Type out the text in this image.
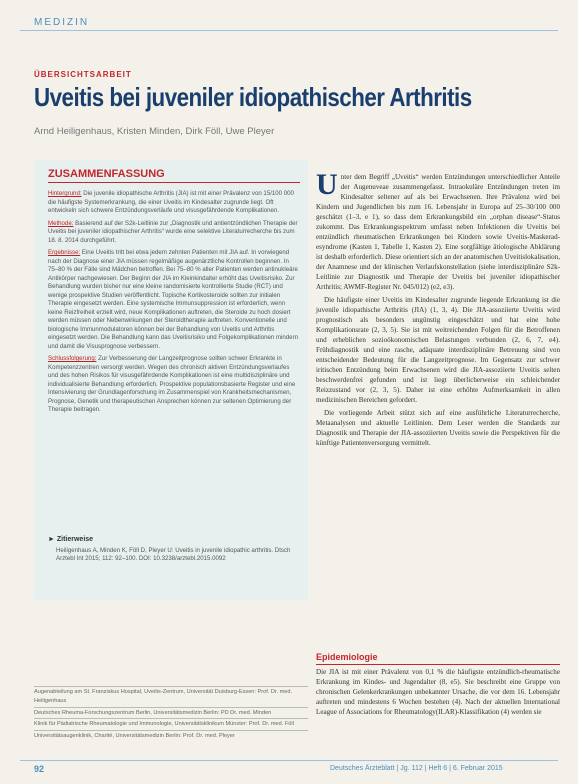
MEDIZIN
ÜBERSICHTSARBEIT
Uveitis bei juveniler idiopathischer Arthritis
Arnd Heiligenhaus, Kristen Minden, Dirk Föll, Uwe Pleyer
ZUSAMMENFASSUNG

Hintergrund: Die juvenile idiopathische Arthritis (JIA) ist mit einer Prävalenz von 15/100 000 die häufigste Systemerkrankung, die einer Uveitis im Kindesalter zugrunde liegt. Oft entwickeln sich schwere Entzündungsverläufe und visusgefährdende Komplikationen.

Methode: Basierend auf der S2k-Leitlinie zur „Diagnostik und antientzündlichen Therapie der Uveitis bei juveniler idiopathischer Arthritis“ wurde eine selektive Literaturrecherche bis zum 18. 8. 2014 durchgeführt.

Ergebnisse: Eine Uveitis tritt bei etwa jedem zehnten Patienten mit JIA auf. In vorwiegend nach der Diagnose einer JIA müssen regelmäßige augenärztliche Kontrollen beginnen. In 75–80 % der Fälle sind Mädchen betroffen. Bei 75–80 % aller Patienten werden antinukleäre Antikörper nachgewiesen. Der Beginn der JIA im Kleinkindalter erhöht das Uveitisrisiko. Zur Behandlung wurden bisher nur eine kleine randomisierte kontrollierte Studie (RCT) und wenige prospektive Studien veröffentlicht. Topische Kortikosteroide sollten zur initialen Therapie eingesetzt werden. Eine systemische Immunsuppression ist erforderlich, wenn keine Reizfreiheit erzielt wird, neue Komplikationen auftreten, die Steroide zu hoch dosiert werden müssen oder Nebenwirkungen der Steroidtherapie auftreten. Konventionelle und biologische Immunmodulatoren können bei der Behandlung von Uveitis und Arthritis eingesetzt werden. Die Behandlung kann das Uveitisrisiko und Folgekomplikationen mindern und damit die Visusprognose verbessern.

Schlussfolgerung: Zur Verbesserung der Langzeitprognose sollten schwer Erkrankte in Kompetenzzentren versorgt werden. Wegen des chronisch aktiven Entzündungsverlaufes und des hohen Risikos für visusgefährdende Komplikationen ist eine multidisziplinäre und individualisierte Behandlung erforderlich. Prospektive populationsbasierte Register und eine Intensivierung der Grundlagenforschung im Zusammenspiel von Krankheitsmechanismen, Prognose, Genetik und therapeutischen Ansprechen können zur seltenen Optimierung der Therapie beitragen.

► Zitierweise
Heiligenhaus A, Minden K, Föll D, Pleyer U: Uveitis in juvenile idiopathic arthritis. Dtsch Arztebl Int 2015; 112: 92–100. DOI: 10.3238/arztebl.2015.0092
Augenabteilung am St. Franziskus Hospital, Uveitis-Zentrum, Universität Duisburg-Essen: Prof. Dr. med. Heiligenhaus
Deutsches Rheuma-Forschungszentrum Berlin, Universitätsmedizin Berlin: PD Dr. med. Minden
Klinik für Pädiatrische Rheumatologie und Immunologie, Universitätsklinikum Münster: Prof. Dr. med. Föll
Universitätsaugenklinik, Charité, Universitätsmedizin Berlin: Prof. Dr. med. Pleyer

Unter dem Begriff „Uveitis“ werden Entzündungen unterschiedlicher Anteile der Augenuveae zusammengefasst. Intraokuläre Entzündungen treten im Kindesalter seltener auf als bei Erwachsenen. Ihre Prävalenz wird bei Kindern und Jugendlichen bis zum 16. Lebensjahr in Europa auf 25–30/100 000 geschätzt (1–3, e 1), so dass dem Erkrankungsbild ein „orphan disease“-Status zukommt. Das Erkrankungsspektrum umfasst neben Infektionen die Uveitis bei entzündlich rheumatischen Erkrankungen bei Kindern sowie Uveitis-Maskeradesyndrome (Kasten 1, Tabelle 1, Kasten 2). Eine sorgfältige ätiologische Abklärung ist deshalb erforderlich. Diese orientiert sich an der anatomischen Uveitislokalisation, der Anamnese und der klinischen Verlaufskonstellation (siehe interdisziplinäre S2k-Leitlinie zur Diagnostik und Therapie der Uveitis bei juveniler idiopathischer Arthritis; AWMF-Register Nr. 045/012) (e2, e3).

Die häufigste einer Uveitis im Kindesalter zugrunde liegende Erkrankung ist die juvenile idiopathische Arthritis (JIA) (1, 3, 4). Die JIA-assoziierte Uveitis wird prognostisch als besonders ungünstig eingeschätzt und hat eine hohe Komplikationsrate (2, 3, 5). Sie ist mit weitreichenden Folgen für die Betroffenen und erheblichen sozioökonomischen Belastungen verbunden (2, 6, 7, e4). Frühdiagnostik und eine rasche, adäquate interdisziplinäre Betreuung sind von entscheidender Bedeutung für die Langzeitprognose. Im Gegensatz zur schwer iritischen Entzündung beim Erwachsenen wird die JIA-assoziierte Uveitis selten beschwerdenfrei gefunden und ist liegt überlicherweise ein schleichender Reizzustand vor (2, 3, 5). Daher ist eine erhöhte Aufmerksamkeit in allen medizinischen Bereichen gefordert.

Die vorliegende Arbeit stützt sich auf eine ausführliche Literaturrecherche, Metaanalysen und aktuelle Leitlinien. Dem Leser werden die Standards zur Diagnostik und Therapie der JIA-assoziierten Uveitis sowie die Perspektiven für die künftige Patientenversorgung vermittelt.

Epidemiologie
Die JIA ist mit einer Prävalenz von 0,1 % die häufigste entzündlich-rheumatische Erkrankung im Kindes- und Jugendalter (8, e5). Sie beschreibt eine Gruppe von chronischen Gelenkerkrankungen unbekannter Ursache, die vor dem 16. Lebensjahr auftreten und mindestens 6 Wochen bestehen (4). Nach der aktuellen International League of Associations for Rheumatology(ILAR)-Klassifikation (4) werden sie
92	Deutsches Ärzteblatt | Jg. 112 | Heft 6 | 6. Februar 2015
